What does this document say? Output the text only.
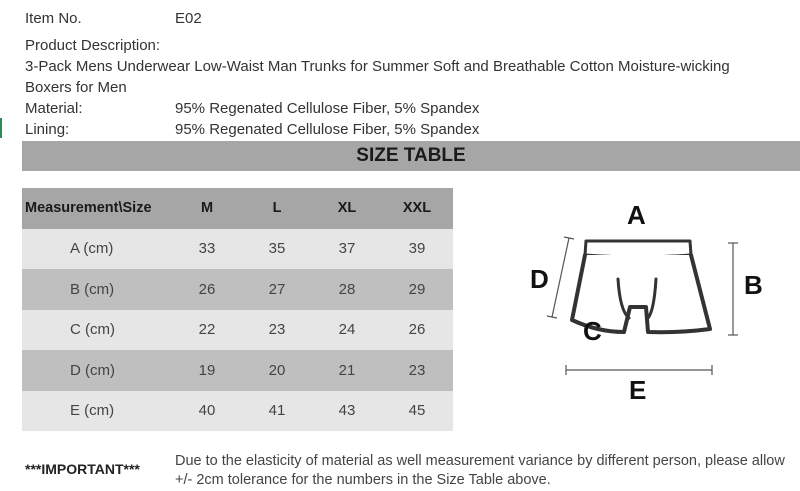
Item No.	E02
Product Description:
3-Pack Mens Underwear Low-Waist Man Trunks for Summer Soft and Breathable Cotton Moisture-wicking
Boxers for Men
Material:	95% Regenated Cellulose Fiber, 5% Spandex
Lining:	95% Regenated Cellulose Fiber, 5% Spandex
SIZE TABLE
Measurement\Size	M	L	XL	XXL
A (cm)	33	35	37	39
B (cm)	26	27	28	29
C (cm)	22	23	24	26
D (cm)	19	20	21	23
E (cm)	40	41	43	45
A
B
C
D
E
***IMPORTANT*** Due to the elasticity of material as well measurement variance by different person, please allow +/- 2cm tolerance for the numbers in the Size Table above.
